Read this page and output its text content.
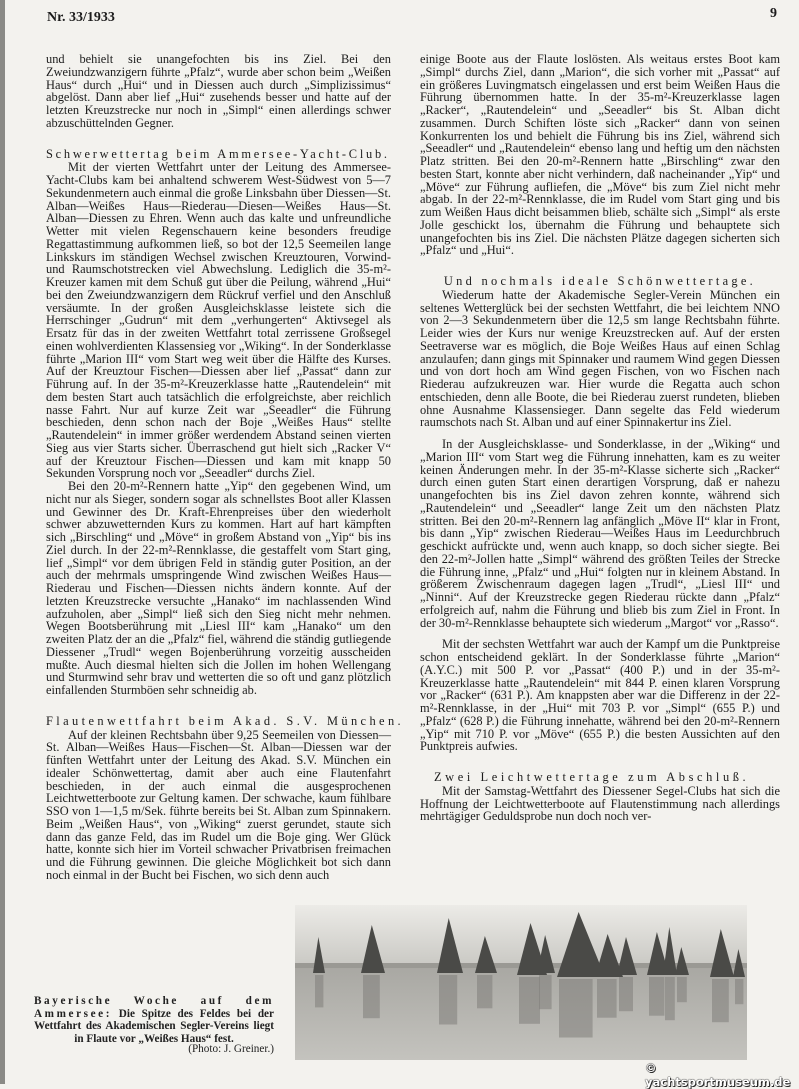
Nr. 33/1933	9

und behielt sie unangefochten bis ins Ziel. Bei den Zweiundzwanzigern führte „Pfalz“, wurde aber schon beim „Weißen Haus“ durch „Hui“ und in Diessen auch durch „Simplizissimus“ abgelöst. Dann aber lief „Hui“ zusehends besser und hatte auf der letzten Kreuzstrecke nur noch in „Simpl“ einen allerdings schwer abzuschüttelnden Gegner.

Schwerwettertag beim Ammersee-Yacht-Club.

Mit der vierten Wettfahrt unter der Leitung des Ammersee-Yacht-Clubs kam bei anhaltend schwerem West-Südwest von 5—7 Sekundenmetern auch einmal die große Linksbahn über Diessen—St. Alban—Weißes Haus—Riederau—Diesen—Weißes Haus—St. Alban—Diessen zu Ehren. Wenn auch das kalte und unfreundliche Wetter mit vielen Regenschauern keine besonders freudige Regattastimmung aufkommen ließ, so bot der 12,5 Seemeilen lange Linkskurs im ständigen Wechsel zwischen Kreuztouren, Vorwind- und Raumschotstrecken viel Abwechslung. Lediglich die 35-m²-Kreuzer kamen mit dem Schuß gut über die Peilung, während „Hui“ bei den Zweiundzwanzigern dem Rückruf verfiel und den Anschluß versäumte. In der großen Ausgleichsklasse leistete sich die Herrschinger „Gudrun“ mit dem „verhungerten“ Aktivsegel als Ersatz für das in der zweiten Wettfahrt total zerrissene Großsegel einen wohlverdienten Klassensieg vor „Wiking“. In der Sonderklasse führte „Marion III“ vom Start weg weit über die Hälfte des Kurses. Auf der Kreuztour Fischen—Diessen aber lief „Passat“ dann zur Führung auf. In der 35-m²-Kreuzerklasse hatte „Rautendelein“ mit dem besten Start auch tatsächlich die erfolgreichste, aber reichlich nasse Fahrt. Nur auf kurze Zeit war „Seeadler“ die Führung beschieden, denn schon nach der Boje „Weißes Haus“ stellte „Rautendelein“ in immer größer werdendem Abstand seinen vierten Sieg aus vier Starts sicher. Überraschend gut hielt sich „Racker V“ auf der Kreuztour Fischen—Diessen und kam mit knapp 50 Sekunden Vorsprung noch vor „Seeadler“ durchs Ziel.

Bei den 20-m²-Rennern hatte „Yip“ den gegebenen Wind, um nicht nur als Sieger, sondern sogar als schnellstes Boot aller Klassen und Gewinner des Dr. Kraft-Ehrenpreises über den wiederholt schwer abzuwetternden Kurs zu kommen. Hart auf hart kämpften sich „Birschling“ und „Möve“ in großem Abstand von „Yip“ bis ins Ziel durch. In der 22-m²-Rennklasse, die gestaffelt vom Start ging, lief „Simpl“ vor dem übrigen Feld in ständig guter Position, an der auch der mehrmals umspringende Wind zwischen Weißes Haus—Riederau und Fischen—Diessen nichts ändern konnte. Auf der letzten Kreuzstrecke versuchte „Hanako“ im nachlassenden Wind aufzuholen, aber „Simpl“ ließ sich den Sieg nicht mehr nehmen. Wegen Bootsberührung mit „Liesl III“ kam „Hanako“ um den zweiten Platz der an die „Pfalz“ fiel, während die ständig gutliegende Diessener „Trudl“ wegen Bojenberührung vorzeitig ausscheiden mußte. Auch diesmal hielten sich die Jollen im hohen Wellengang und Sturmwind sehr brav und wetterten die so oft und ganz plötzlich einfallenden Sturmböen sehr schneidig ab.

Flautenwettfahrt beim Akad. S.V. München.

Auf der kleinen Rechtsbahn über 9,25 Seemeilen von Diessen—St. Alban—Weißes Haus—Fischen—St. Alban—Diessen war der fünften Wettfahrt unter der Leitung des Akad. S.V. München ein idealer Schönwettertag, damit aber auch eine Flautenfahrt beschieden, in der auch einmal die ausgesprochenen Leichtwetterboote zur Geltung kamen. Der schwache, kaum fühlbare SSO von 1—1,5 m/Sek. führte bereits bei St. Alban zum Spinnakern. Beim „Weißen Haus“, von „Wiking“ zuerst gerundet, staute sich dann das ganze Feld, das im Rudel um die Boje ging. Wer Glück hatte, konnte sich hier im Vorteil schwacher Privatbrisen freimachen und die Führung gewinnen. Die gleiche Möglichkeit bot sich dann noch einmal in der Bucht bei Fischen, wo sich denn auch

einige Boote aus der Flaute loslösten. Als weitaus erstes Boot kam „Simpl“ durchs Ziel, dann „Marion“, die sich vorher mit „Passat“ auf ein größeres Luvingmatsch eingelassen und erst beim Weißen Haus die Führung übernommen hatte. In der 35-m²-Kreuzerklasse lagen „Racker“, „Rautendelein“ und „Seeadler“ bis St. Alban dicht zusammen. Durch Schiften löste sich „Racker“ dann von seinen Konkurrenten los und behielt die Führung bis ins Ziel, während sich „Seeadler“ und „Rautendelein“ ebenso lang und heftig um den nächsten Platz stritten. Bei den 20-m²-Rennern hatte „Birschling“ zwar den besten Start, konnte aber nicht verhindern, daß nacheinander „Yip“ und „Möve“ zur Führung aufliefen, die „Möve“ bis zum Ziel nicht mehr abgab. In der 22-m²-Rennklasse, die im Rudel vom Start ging und bis zum Weißen Haus dicht beisammen blieb, schälte sich „Simpl“ als erste Jolle geschickt los, übernahm die Führung und behauptete sich unangefochten bis ins Ziel. Die nächsten Plätze dagegen sicherten sich „Pfalz“ und „Hui“.

Und nochmals ideale Schönwettertage.

Wiederum hatte der Akademische Segler-Verein München ein seltenes Wetterglück bei der sechsten Wettfahrt, die bei leichtem NNO von 2—3 Sekundenmetern über die 12,5 sm lange Rechtsbahn führte. Leider wies der Kurs nur wenige Kreuzstrecken auf. Auf der ersten Seetraverse war es möglich, die Boje Weißes Haus auf einen Schlag anzulaufen; dann gings mit Spinnaker und raumem Wind gegen Diessen und von dort hoch am Wind gegen Fischen, von wo Fischen nach Riederau aufzukreuzen war. Hier wurde die Regatta auch schon entschieden, denn alle Boote, die bei Riederau zuerst rundeten, blieben ohne Ausnahme Klassensieger. Dann segelte das Feld wiederum raumschots nach St. Alban und auf einer Spinnakertur ins Ziel.

In der Ausgleichsklasse- und Sonderklasse, in der „Wiking“ und „Marion III“ vom Start weg die Führung innehatten, kam es zu weiter keinen Änderungen mehr. In der 35-m²-Klasse sicherte sich „Racker“ durch einen guten Start einen derartigen Vorsprung, daß er nahezu unangefochten bis ins Ziel davon zehren konnte, während sich „Rautendelein“ und „Seeadler“ lange Zeit um den nächsten Platz stritten. Bei den 20-m²-Rennern lag anfänglich „Möve II“ klar in Front, bis dann „Yip“ zwischen Riederau—Weißes Haus im Leedurchbruch geschickt aufrückte und, wenn auch knapp, so doch sicher siegte. Bei den 22-m²-Jollen hatte „Simpl“ während des größten Teiles der Strecke die Führung inne, „Pfalz“ und „Hui“ folgten nur in kleinem Abstand. In größerem Zwischenraum dagegen lagen „Trudl“, „Liesl III“ und „Ninni“. Auf der Kreuzstrecke gegen Riederau rückte dann „Pfalz“ erfolgreich auf, nahm die Führung und blieb bis zum Ziel in Front. In der 30-m²-Rennklasse behauptete sich wiederum „Margot“ vor „Rasso“.

Mit der sechsten Wettfahrt war auch der Kampf um die Punktpreise schon entscheidend geklärt. In der Sonderklasse führte „Marion“ (A.Y.C.) mit 500 P. vor „Passat“ (400 P.) und in der 35-m²-Kreuzerklasse hatte „Rautendelein“ mit 844 P. einen klaren Vorsprung vor „Racker“ (631 P.). Am knappsten aber war die Differenz in der 22-m²-Rennklasse, in der „Hui“ mit 703 P. vor „Simpl“ (655 P.) und „Pfalz“ (628 P.) die Führung innehatte, während bei den 20-m²-Rennern „Yip“ mit 710 P. vor „Möve“ (655 P.) die besten Aussichten auf den Punktpreis aufwies.

Zwei Leichtwettertage zum Abschluß.

Mit der Samstag-Wettfahrt des Diessener Segel-Clubs hat sich die Hoffnung der Leichtwetterboote auf Flautenstimmung nach allerdings mehrtägiger Geduldsprobe nun doch noch ver-

Bayerische Woche auf dem Ammersee: Die Spitze des Feldes bei der Wettfahrt des Akademischen Segler-Vereins liegt in Flaute vor „Weißes Haus“ fest.
(Photo: J. Greiner.)
© yachtsportmuseum.de
